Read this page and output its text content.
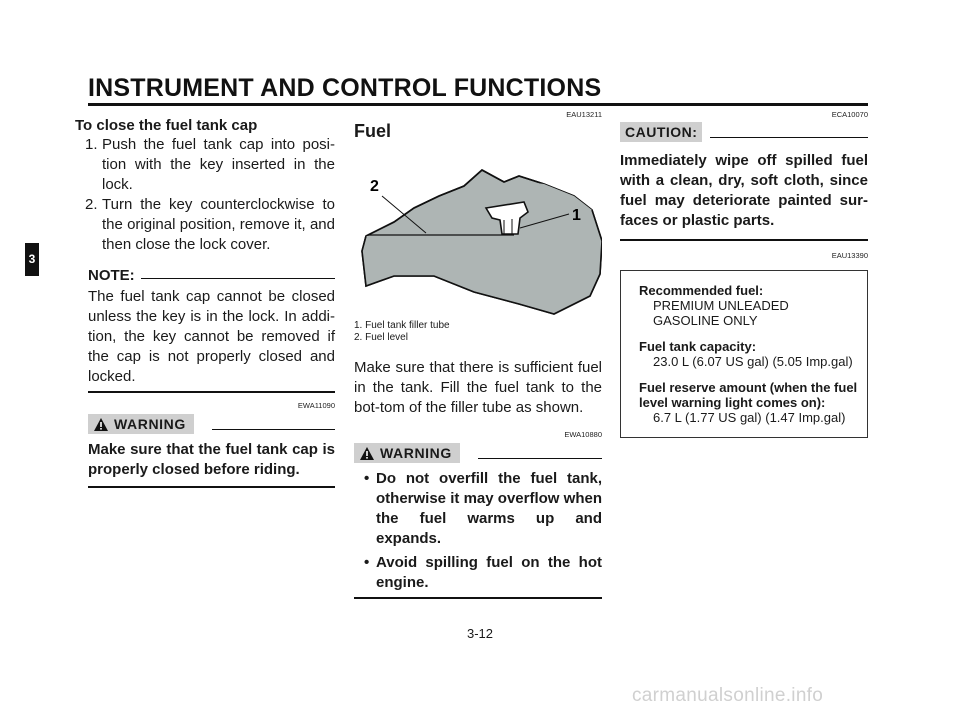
INSTRUMENT AND CONTROL FUNCTIONS
3
To close the fuel tank cap
1. Push the fuel tank cap into posi-tion with the key inserted in the lock.
2. Turn the key counterclockwise to the original position, remove it, and then close the lock cover.
NOTE:

The fuel tank cap cannot be closed unless the key is in the lock. In addi-tion, the key cannot be removed if the cap is not properly closed and locked.

EWA11090
WARNING
Make sure that the fuel tank cap is properly closed before riding.
EAU13211
Fuel
1
2
1. Fuel tank filler tube
2. Fuel level

Make sure that there is sufficient fuel in the tank. Fill the fuel tank to the bot-tom of the filler tube as shown.

EWA10880
WARNING
• Do not overfill the fuel tank, otherwise it may overflow when the fuel warms up and expands.
• Avoid spilling fuel on the hot engine.
ECA10070
CAUTION:
Immediately wipe off spilled fuel with a clean, dry, soft cloth, since fuel may deteriorate painted sur-faces or plastic parts.
EAU13390
Recommended fuel:
PREMIUM UNLEADED
GASOLINE ONLY
Fuel tank capacity:
23.0 L (6.07 US gal) (5.05 Imp.gal)
Fuel reserve amount (when the fuel
level warning light comes on):
6.7 L (1.77 US gal) (1.47 Imp.gal)
3-12
carmanualsonline.info
